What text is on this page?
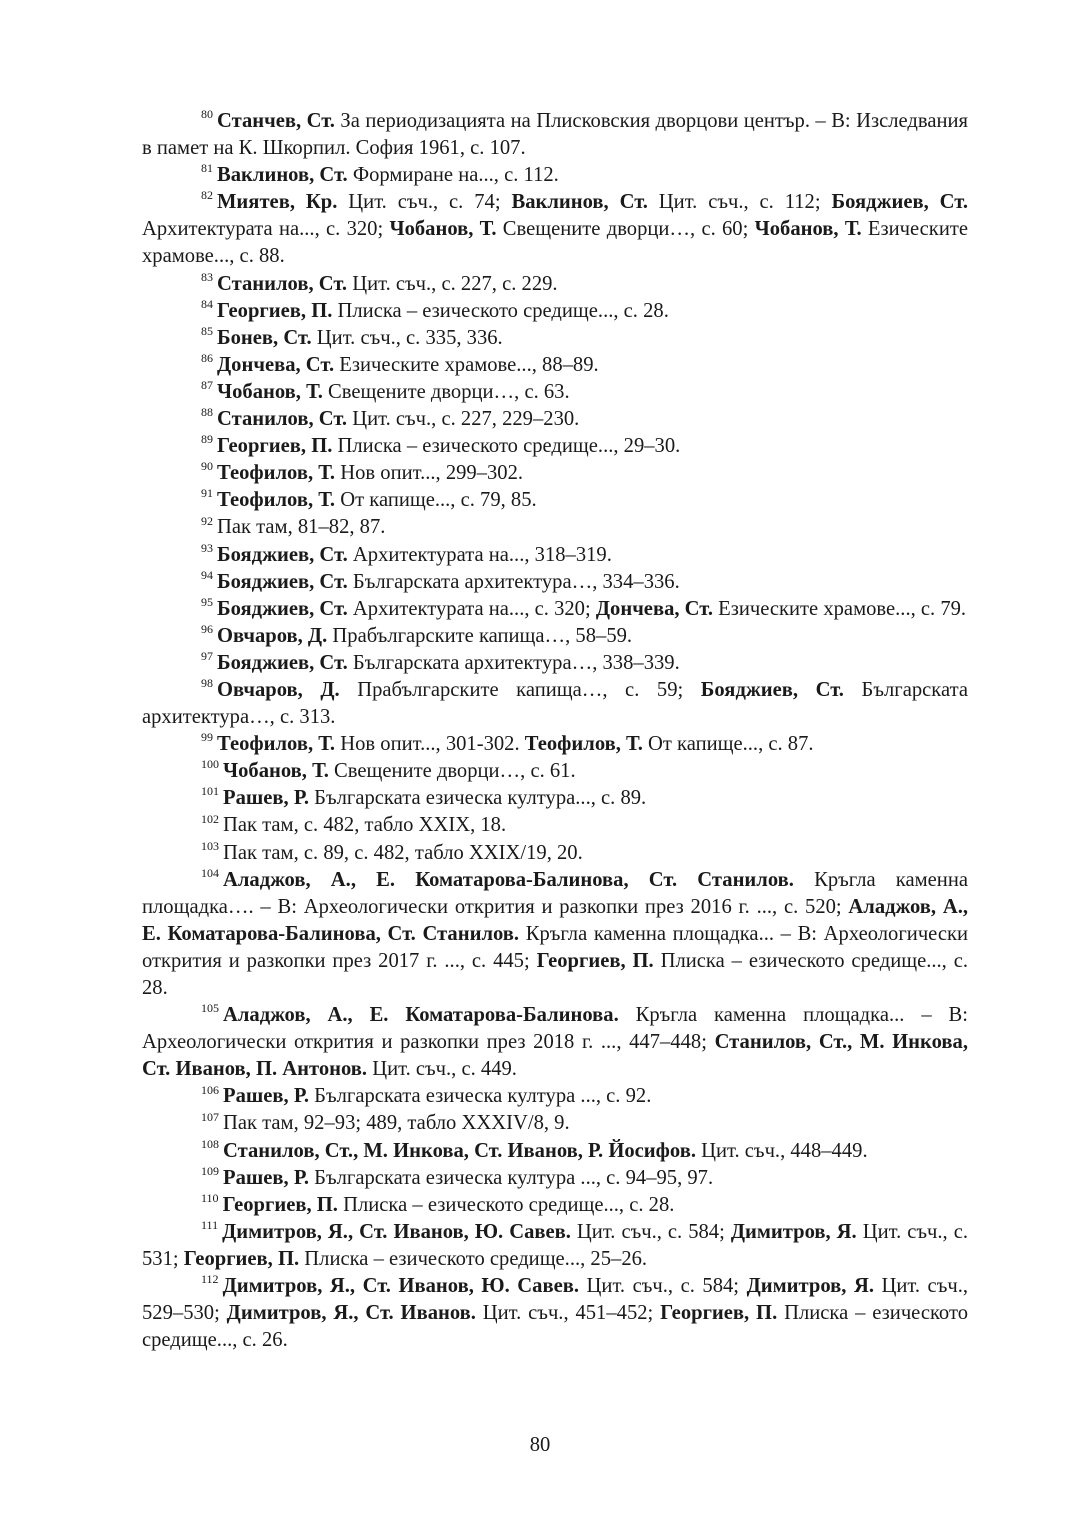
$^{80}$ Станчев, Ст. За периодизацията на Плисковския дворцови център. – В: Изследвания в памет на К. Шкорпил. София 1961, с. 107.

$^{81}$ Ваклинов, Ст. Формиране на..., с. 112.

$^{82}$ Миятев, Кр. Цит. съч., с. 74; Ваклинов, Ст. Цит. съч., с. 112; Бояджиев, Ст. Архитектурата на..., с. 320; Чобанов, Т. Свещените дворци…, с. 60; Чобанов, Т. Езическите храмове..., с. 88.

$^{83}$ Станилов, Ст. Цит. съч., с. 227, с. 229.

$^{84}$ Георгиев, П. Плиска – езическото средище..., с. 28.

$^{85}$ Бонев, Ст. Цит. съч., с. 335, 336.

$^{86}$ Дончева, Ст. Езическите храмове..., 88–89.

$^{87}$ Чобанов, Т. Свещените дворци…, с. 63.

$^{88}$ Станилов, Ст. Цит. съч., с. 227, 229–230.

$^{89}$ Георгиев, П. Плиска – езическото средище..., 29–30.

$^{90}$ Теофилов, Т. Нов опит..., 299–302.

$^{91}$ Теофилов, Т. От капище..., с. 79, 85.

$^{92}$ Пак там, 81–82, 87.

$^{93}$ Бояджиев, Ст. Архитектурата на..., 318–319.

$^{94}$ Бояджиев, Ст. Българската архитектура…, 334–336.

$^{95}$ Бояджиев, Ст. Архитектурата на..., с. 320; Дончева, Ст. Езическите храмове..., с. 79.

$^{96}$ Овчаров, Д. Прабългарските капища…, 58–59.

$^{97}$ Бояджиев, Ст. Българската архитектура…, 338–339.

$^{98}$ Овчаров, Д. Прабългарските капища…, с. 59; Бояджиев, Ст. Българската архитектура…, с. 313.

$^{99}$ Теофилов, Т. Нов опит..., 301-302. Теофилов, Т. От капище..., с. 87.

$^{100}$ Чобанов, Т. Свещените дворци…, с. 61.

$^{101}$ Рашев, Р. Българската езическа култура..., с. 89.

$^{102}$ Пак там, с. 482, табло XXIX, 18.

$^{103}$ Пак там, с. 89, с. 482, табло XXIX/19, 20.

$^{104}$ Аладжов, А., Е. Коматарова-Балинова, Ст. Станилов. Кръгла каменна площадка…. – В: Археологически открития и разкопки през 2016 г. ..., с. 520; Аладжов, А., Е. Коматарова-Балинова, Ст. Станилов. Кръгла каменна площадка... – В: Археологически открития и разкопки през 2017 г. ..., с. 445; Георгиев, П. Плиска – езическото средище..., с. 28.

$^{105}$ Аладжов, А., Е. Коматарова-Балинова. Кръгла каменна площадка... – В: Археологически открития и разкопки през 2018 г. ..., 447–448; Станилов, Ст., М. Инкова, Ст. Иванов, П. Антонов. Цит. съч., с. 449.

$^{106}$ Рашев, Р. Българската езическа култура ..., с. 92.

$^{107}$ Пак там, 92–93; 489, табло XXXIV/8, 9.

$^{108}$ Станилов, Ст., М. Инкова, Ст. Иванов, Р. Йосифов. Цит. съч., 448–449.

$^{109}$ Рашев, Р. Българската езическа култура ..., с. 94–95, 97.

$^{110}$ Георгиев, П. Плиска – езическото средище..., с. 28.

$^{111}$ Димитров, Я., Ст. Иванов, Ю. Савев. Цит. съч., с. 584; Димитров, Я. Цит. съч., с. 531; Георгиев, П. Плиска – езическото средище..., 25–26.

$^{112}$ Димитров, Я., Ст. Иванов, Ю. Савев. Цит. съч., с. 584; Димитров, Я. Цит. съч., 529–530; Димитров, Я., Ст. Иванов. Цит. съч., 451–452; Георгиев, П. Плиска – езическото средище..., с. 26.

80
